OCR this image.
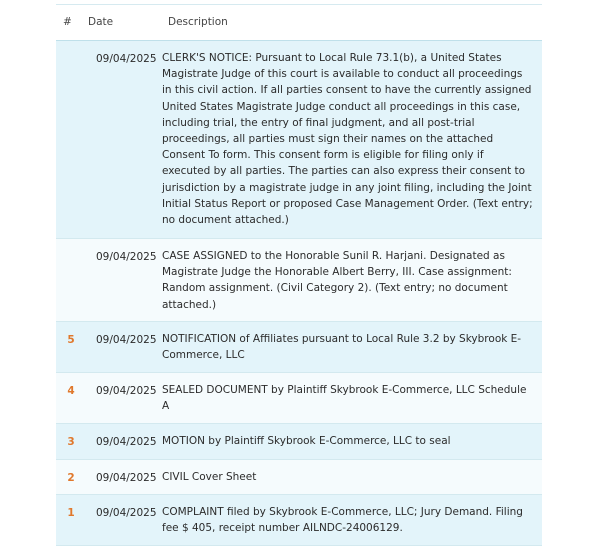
# Date	Description
09/04/2025 CLERK'S NOTICE: Pursuant to Local Rule 73.1(b), a United States Magistrate Judge of this court is available to conduct all proceedings in this civil action. If all parties consent to have the currently assigned United States Magistrate Judge conduct all proceedings in this case, including trial, the entry of final judgment, and all post-trial proceedings, all parties must sign their names on the attached Consent To form. This consent form is eligible for filing only if executed by all parties. The parties can also express their consent to jurisdiction by a magistrate judge in any joint filing, including the Joint Initial Status Report or proposed Case Management Order. (Text entry; no document attached.)
09/04/2025 CASE ASSIGNED to the Honorable Sunil R. Harjani. Designated as Magistrate Judge the Honorable Albert Berry, III. Case assignment: Random assignment. (Civil Category 2). (Text entry; no document attached.)
5	09/04/2025 NOTIFICATION of Affiliates pursuant to Local Rule 3.2 by Skybrook E-Commerce, LLC
4	09/04/2025 SEALED DOCUMENT by Plaintiff Skybrook E-Commerce, LLC Schedule A
3	09/04/2025 MOTION by Plaintiff Skybrook E-Commerce, LLC to seal
2	09/04/2025 CIVIL Cover Sheet
1	09/04/2025 COMPLAINT filed by Skybrook E-Commerce, LLC; Jury Demand. Filing fee $ 405, receipt number AILNDC-24006129.
